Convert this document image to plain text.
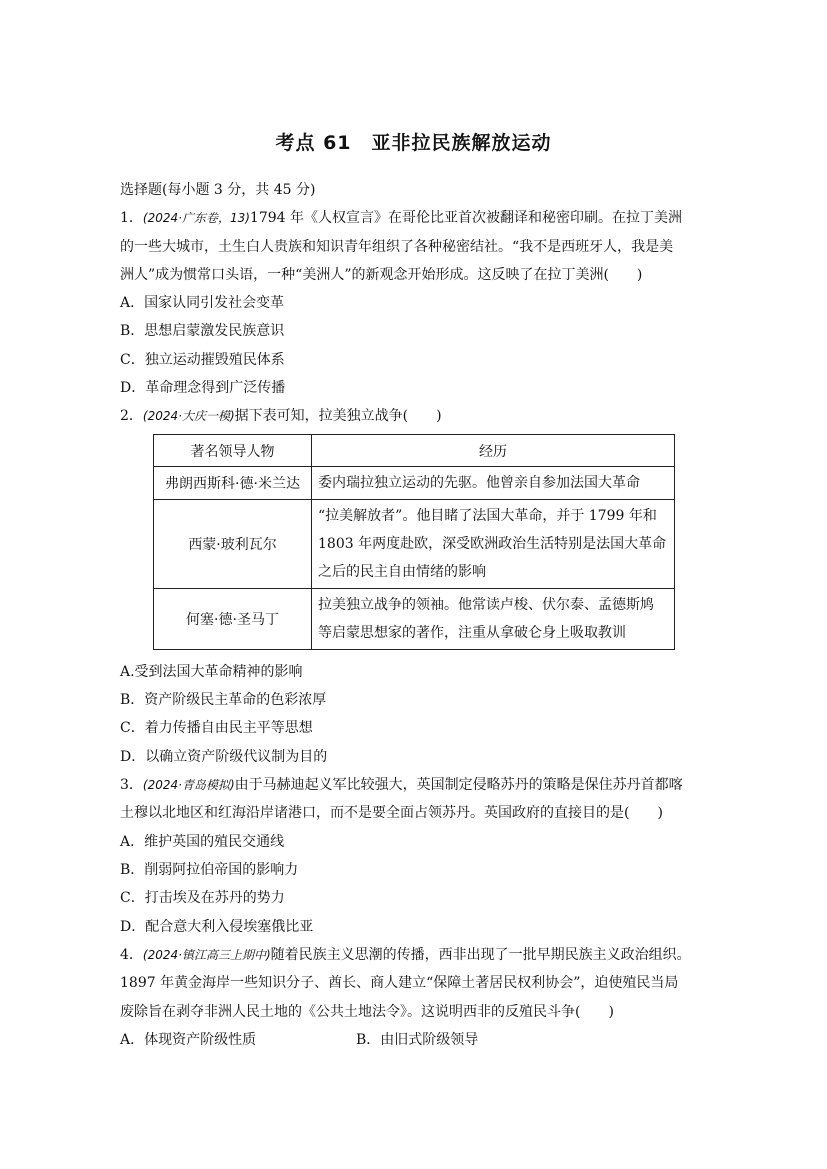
考点 61　亚非拉民族解放运动
选择题(每小题 3 分，共 45 分)
1．(2024·广东卷，13)1794 年《人权宣言》在哥伦比亚首次被翻译和秘密印刷。在拉丁美洲
的一些大城市，土生白人贵族和知识青年组织了各种秘密结社。“我不是西班牙人，我是美
洲人”成为惯常口头语，一种“美洲人”的新观念开始形成。这反映了在拉丁美洲(　　)
A．国家认同引发社会变革
B．思想启蒙激发民族意识
C．独立运动摧毁殖民体系
D．革命理念得到广泛传播
2．(2024·大庆一模)据下表可知，拉美独立战争(　　)
著名领导人物	经历
弗朗西斯科·德·米兰达	委内瑞拉独立运动的先驱。他曾亲自参加法国大革命

西蒙·玻利瓦尔	“拉美解放者”。他目睹了法国大革命，并于 1799 年和
1803 年两度赴欧，深受欧洲政治生活特别是法国大革命
之后的民主自由情绪的影响

何塞·德·圣马丁	拉美独立战争的领袖。他常读卢梭、伏尔泰、孟德斯鸠
等启蒙思想家的著作，注重从拿破仑身上吸取教训
A.受到法国大革命精神的影响
B．资产阶级民主革命的色彩浓厚
C．着力传播自由民主平等思想
D．以确立资产阶级代议制为目的
3．(2024·青岛模拟)由于马赫迪起义军比较强大，英国制定侵略苏丹的策略是保住苏丹首都喀
土穆以北地区和红海沿岸诸港口，而不是要全面占领苏丹。英国政府的直接目的是(　　)
A．维护英国的殖民交通线
B．削弱阿拉伯帝国的影响力
C．打击埃及在苏丹的势力
D．配合意大利入侵埃塞俄比亚
4．(2024·镇江高三上期中)随着民族主义思潮的传播，西非出现了一批早期民族主义政治组织。
1897 年黄金海岸一些知识分子、酋长、商人建立“保障土著居民权利协会”，迫使殖民当局
废除旨在剥夺非洲人民土地的《公共土地法令》。这说明西非的反殖民斗争(　　)
A．体现资产阶级性质	B．由旧式阶级领导
